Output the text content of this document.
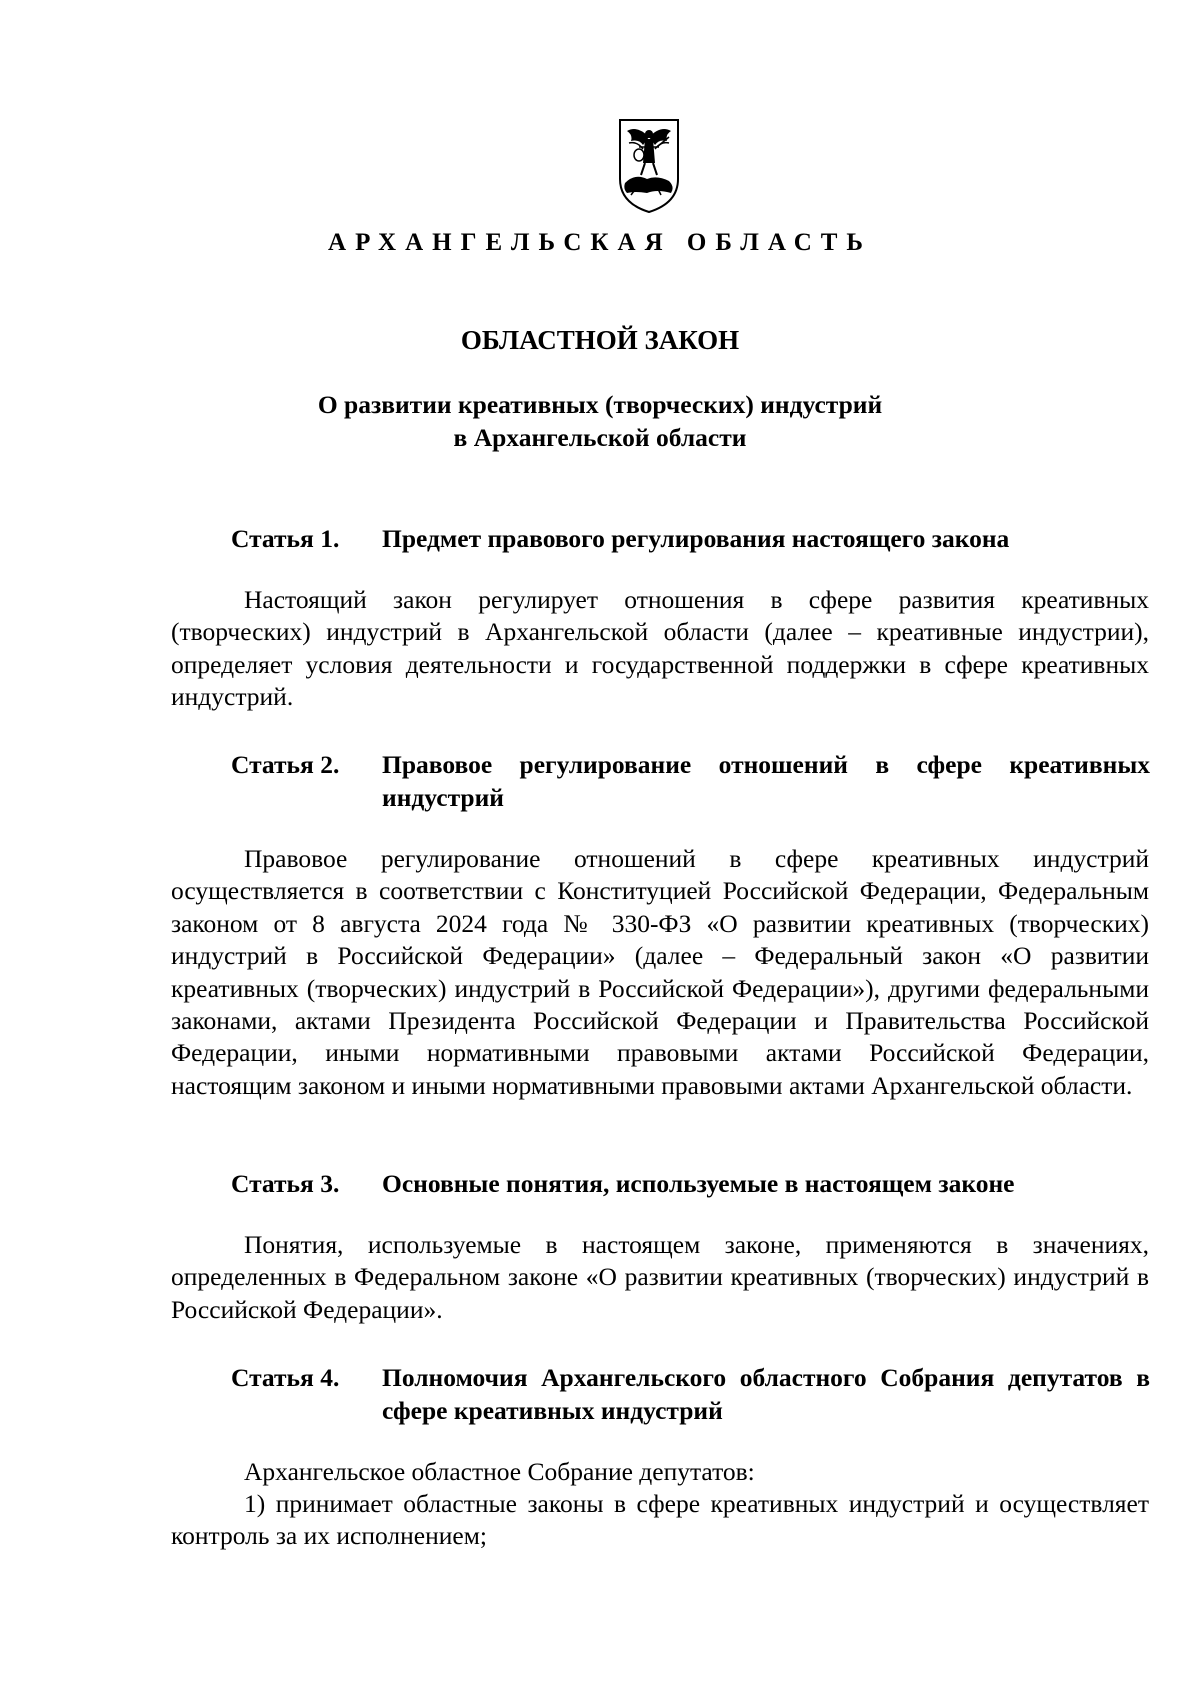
АРХАНГЕЛЬСКАЯ ОБЛАСТЬ
ОБЛАСТНОЙ ЗАКОН
О развитии креативных (творческих) индустрий
в Архангельской области
Статья 1. Предмет правового регулирования настоящего закона

Настоящий закон регулирует отношения в сфере развития креативных (творческих) индустрий в Архангельской области (далее – креативные индустрии), определяет условия деятельности и государственной поддержки в сфере креативных индустрий.

Статья 2. Правовое регулирование отношений в сфере креативных индустрий

Правовое регулирование отношений в сфере креативных индустрий осуществляется в соответствии с Конституцией Российской Федерации, Федеральным законом от 8 августа 2024 года № 330-ФЗ «О развитии креативных (творческих) индустрий в Российской Федерации» (далее – Федеральный закон «О развитии креативных (творческих) индустрий в Российской Федерации»), другими федеральными законами, актами Президента Российской Федерации и Правительства Российской Федерации, иными нормативными правовыми актами Российской Федерации, настоящим законом и иными нормативными правовыми актами Архангельской области.

Статья 3. Основные понятия, используемые в настоящем законе

Понятия, используемые в настоящем законе, применяются в значениях, определенных в Федеральном законе «О развитии креативных (творческих) индустрий в Российской Федерации».

Статья 4. Полномочия Архангельского областного Собрания депутатов в сфере креативных индустрий

Архангельское областное Собрание депутатов:

1) принимает областные законы в сфере креативных индустрий и осуществляет контроль за их исполнением;
